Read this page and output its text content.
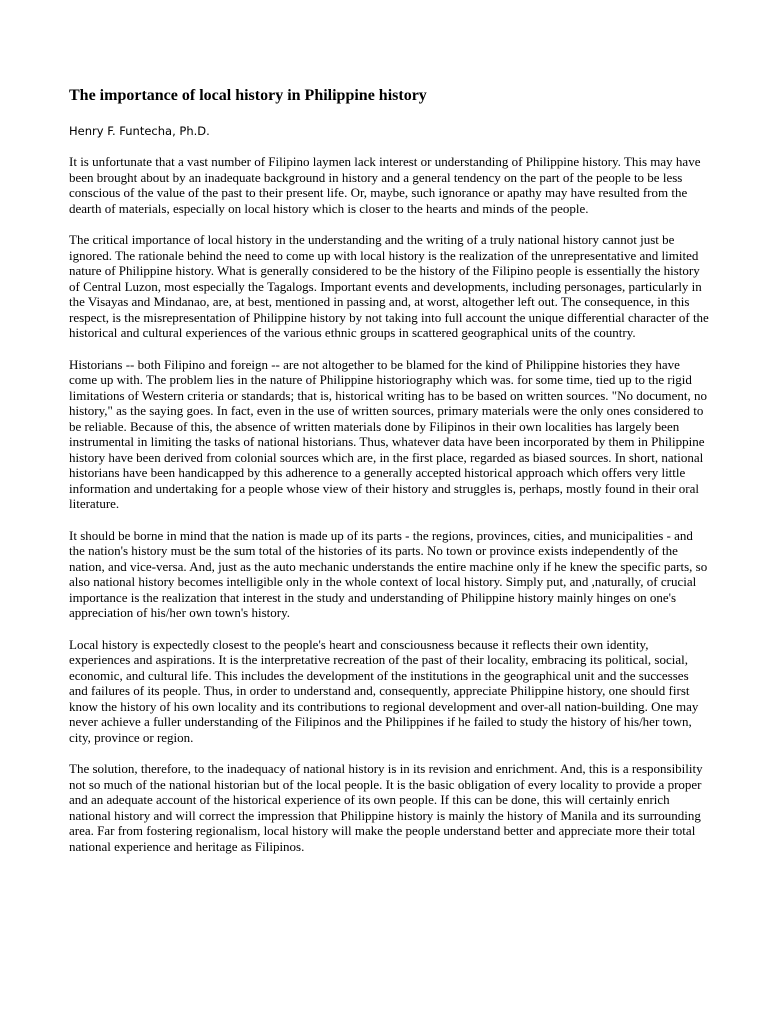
The importance of local history in Philippine history
Henry F. Funtecha, Ph.D.

It is unfortunate that a vast number of Filipino laymen lack interest or understanding of Philippine history. This may have been brought about by an inadequate background in history and a general tendency on the part of the people to be less conscious of the value of the past to their present life. Or, maybe, such ignorance or apathy may have resulted from the dearth of materials, especially on local history which is closer to the hearts and minds of the people.

The critical importance of local history in the understanding and the writing of a truly national history cannot just be ignored. The rationale behind the need to come up with local history is the realization of the unrepresentative and limited nature of Philippine history. What is generally considered to be the history of the Filipino people is essentially the history of Central Luzon, most especially the Tagalogs. Important events and developments, including personages, particularly in the Visayas and Mindanao, are, at best, mentioned in passing and, at worst, altogether left out. The consequence, in this respect, is the misrepresentation of Philippine history by not taking into full account the unique differential character of the historical and cultural experiences of the various ethnic groups in scattered geographical units of the country.

Historians -- both Filipino and foreign -- are not altogether to be blamed for the kind of Philippine histories they have come up with. The problem lies in the nature of Philippine historiography which was. for some time, tied up to the rigid limitations of Western criteria or standards; that is, historical writing has to be based on written sources. "No document, no history," as the saying goes. In fact, even in the use of written sources, primary materials were the only ones considered to be reliable. Because of this, the absence of written materials done by Filipinos in their own localities has largely been instrumental in limiting the tasks of national historians. Thus, whatever data have been incorporated by them in Philippine history have been derived from colonial sources which are, in the first place, regarded as biased sources. In short, national historians have been handicapped by this adherence to a generally accepted historical approach which offers very little information and undertaking for a people whose view of their history and struggles is, perhaps, mostly found in their oral literature.

It should be borne in mind that the nation is made up of its parts - the regions, provinces, cities, and municipalities - and the nation's history must be the sum total of the histories of its parts. No town or province exists independently of the nation, and vice-versa. And, just as the auto mechanic understands the entire machine only if he knew the specific parts, so also national history becomes intelligible only in the whole context of local history. Simply put, and ,naturally, of crucial importance is the realization that interest in the study and understanding of Philippine history mainly hinges on one's appreciation of his/her own town's history.

Local history is expectedly closest to the people's heart and consciousness because it reflects their own identity, experiences and aspirations. It is the interpretative recreation of the past of their locality, embracing its political, social, economic, and cultural life. This includes the development of the institutions in the geographical unit and the successes and failures of its people. Thus, in order to understand and, consequently, appreciate Philippine history, one should first know the history of his own locality and its contributions to regional development and over-all nation-building. One may never achieve a fuller understanding of the Filipinos and the Philippines if he failed to study the history of his/her town, city, province or region.

The solution, therefore, to the inadequacy of national history is in its revision and enrichment. And, this is a responsibility not so much of the national historian but of the local people. It is the basic obligation of every locality to provide a proper and an adequate account of the historical experience of its own people. If this can be done, this will certainly enrich national history and will correct the impression that Philippine history is mainly the history of Manila and its surrounding area. Far from fostering regionalism, local history will make the people understand better and appreciate more their total national experience and heritage as Filipinos.
